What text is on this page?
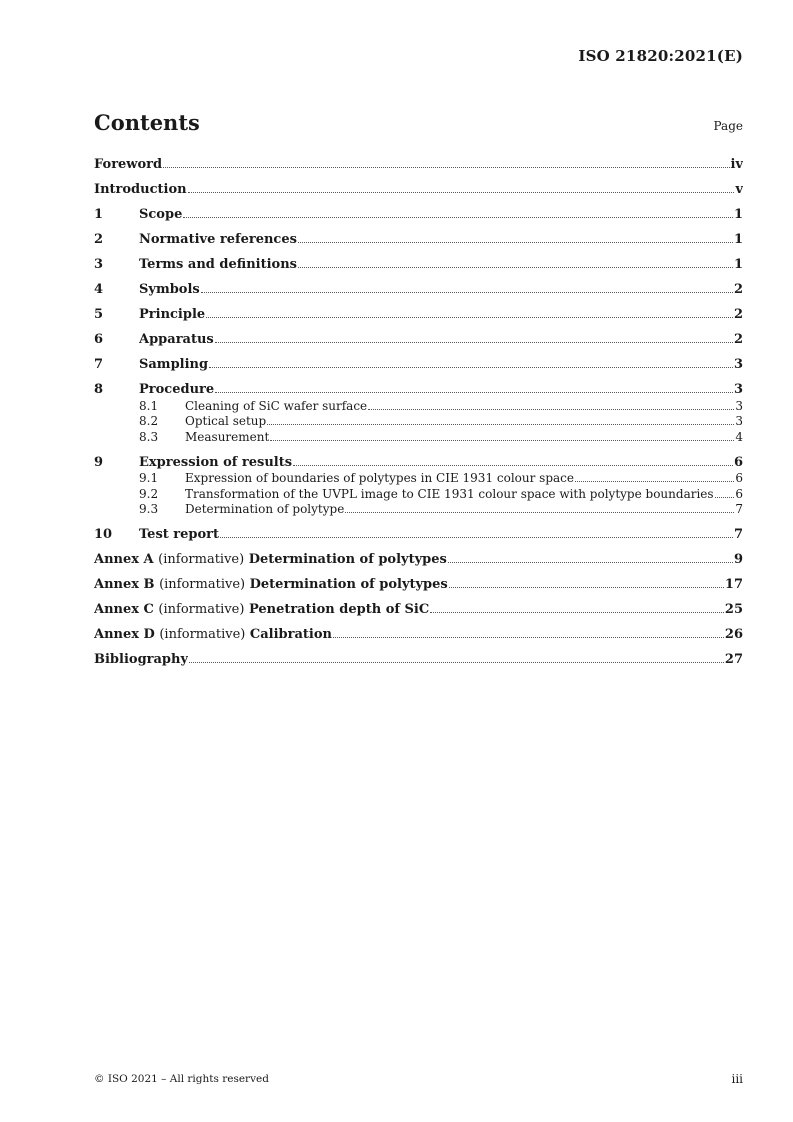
ISO 21820:2021(E)
Contents	Page
Foreword	iv
Introduction	v
1	Scope	1
2	Normative references	1
3	Terms and definitions	1
4	Symbols	2
5	Principle	2
6	Apparatus	2
7	Sampling	3
8	Procedure	3
8.1	Cleaning of SiC wafer surface	3
8.2	Optical setup	3
8.3	Measurement	4
9	Expression of results	6
9.1	Expression of boundaries of polytypes in CIE 1931 colour space	6
9.2	Transformation of the UVPL image to CIE 1931 colour space with polytype boundaries 6
9.3	Determination of polytype	7
10	Test report	7
Annex A (informative) Determination of polytypes	9
Annex B (informative) Determination of polytypes	17
Annex C (informative) Penetration depth of SiC	25
Annex D (informative) Calibration	26
Bibliography	27
© ISO 2021 – All rights reserved	iii
